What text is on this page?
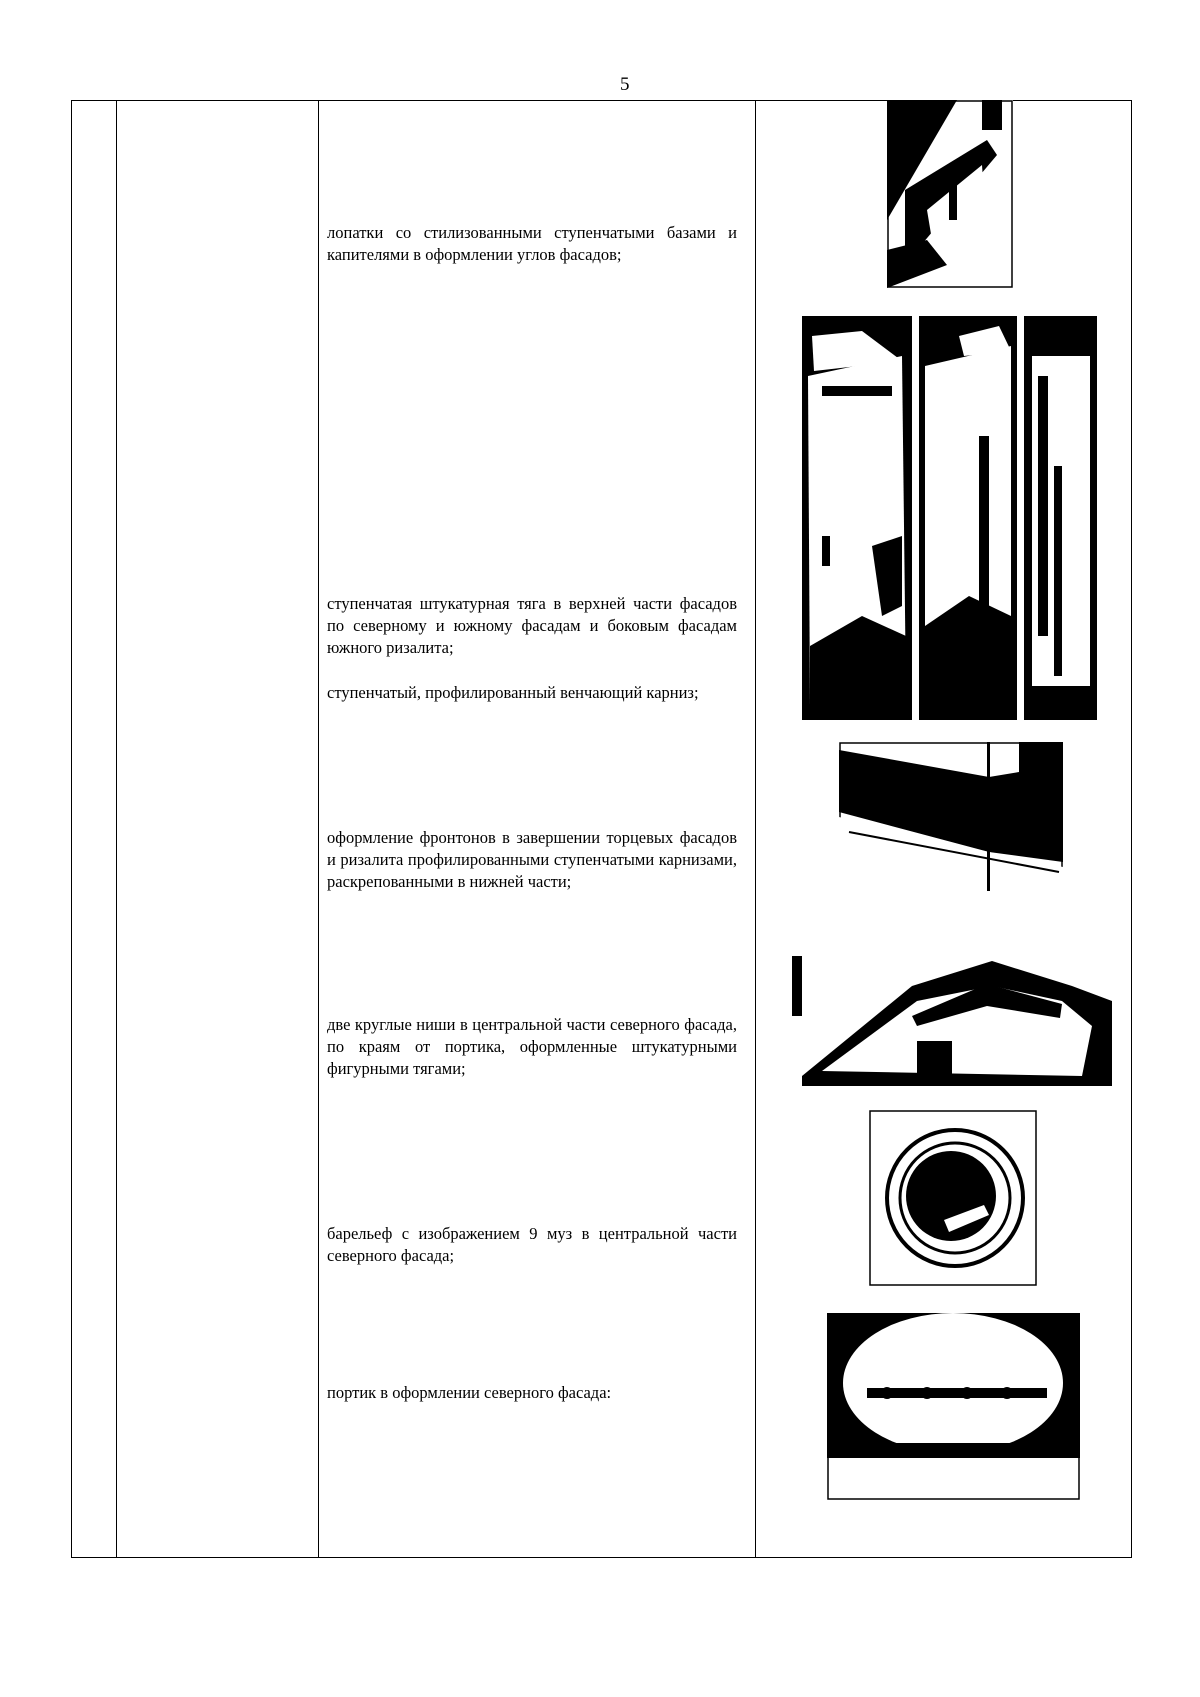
5
лопатки со стилизованными ступенчатыми базами и капителями в оформлении углов фасадов;
ступенчатая штукатурная тяга в верхней части фасадов по северному и южному фасадам и боковым фасадам южного ризалита;
ступенчатый, профилированный венчающий карниз;
оформление фронтонов в завершении торцевых фасадов и ризалита профилированными ступенчатыми карнизами, раскрепованными в нижней части;
две круглые ниши в центральной части северного фасада, по краям от портика, оформленные штукатурными фигурными тягами;
барельеф с изображением 9 муз в центральной части северного фасада;
портик в оформлении северного фасада:
